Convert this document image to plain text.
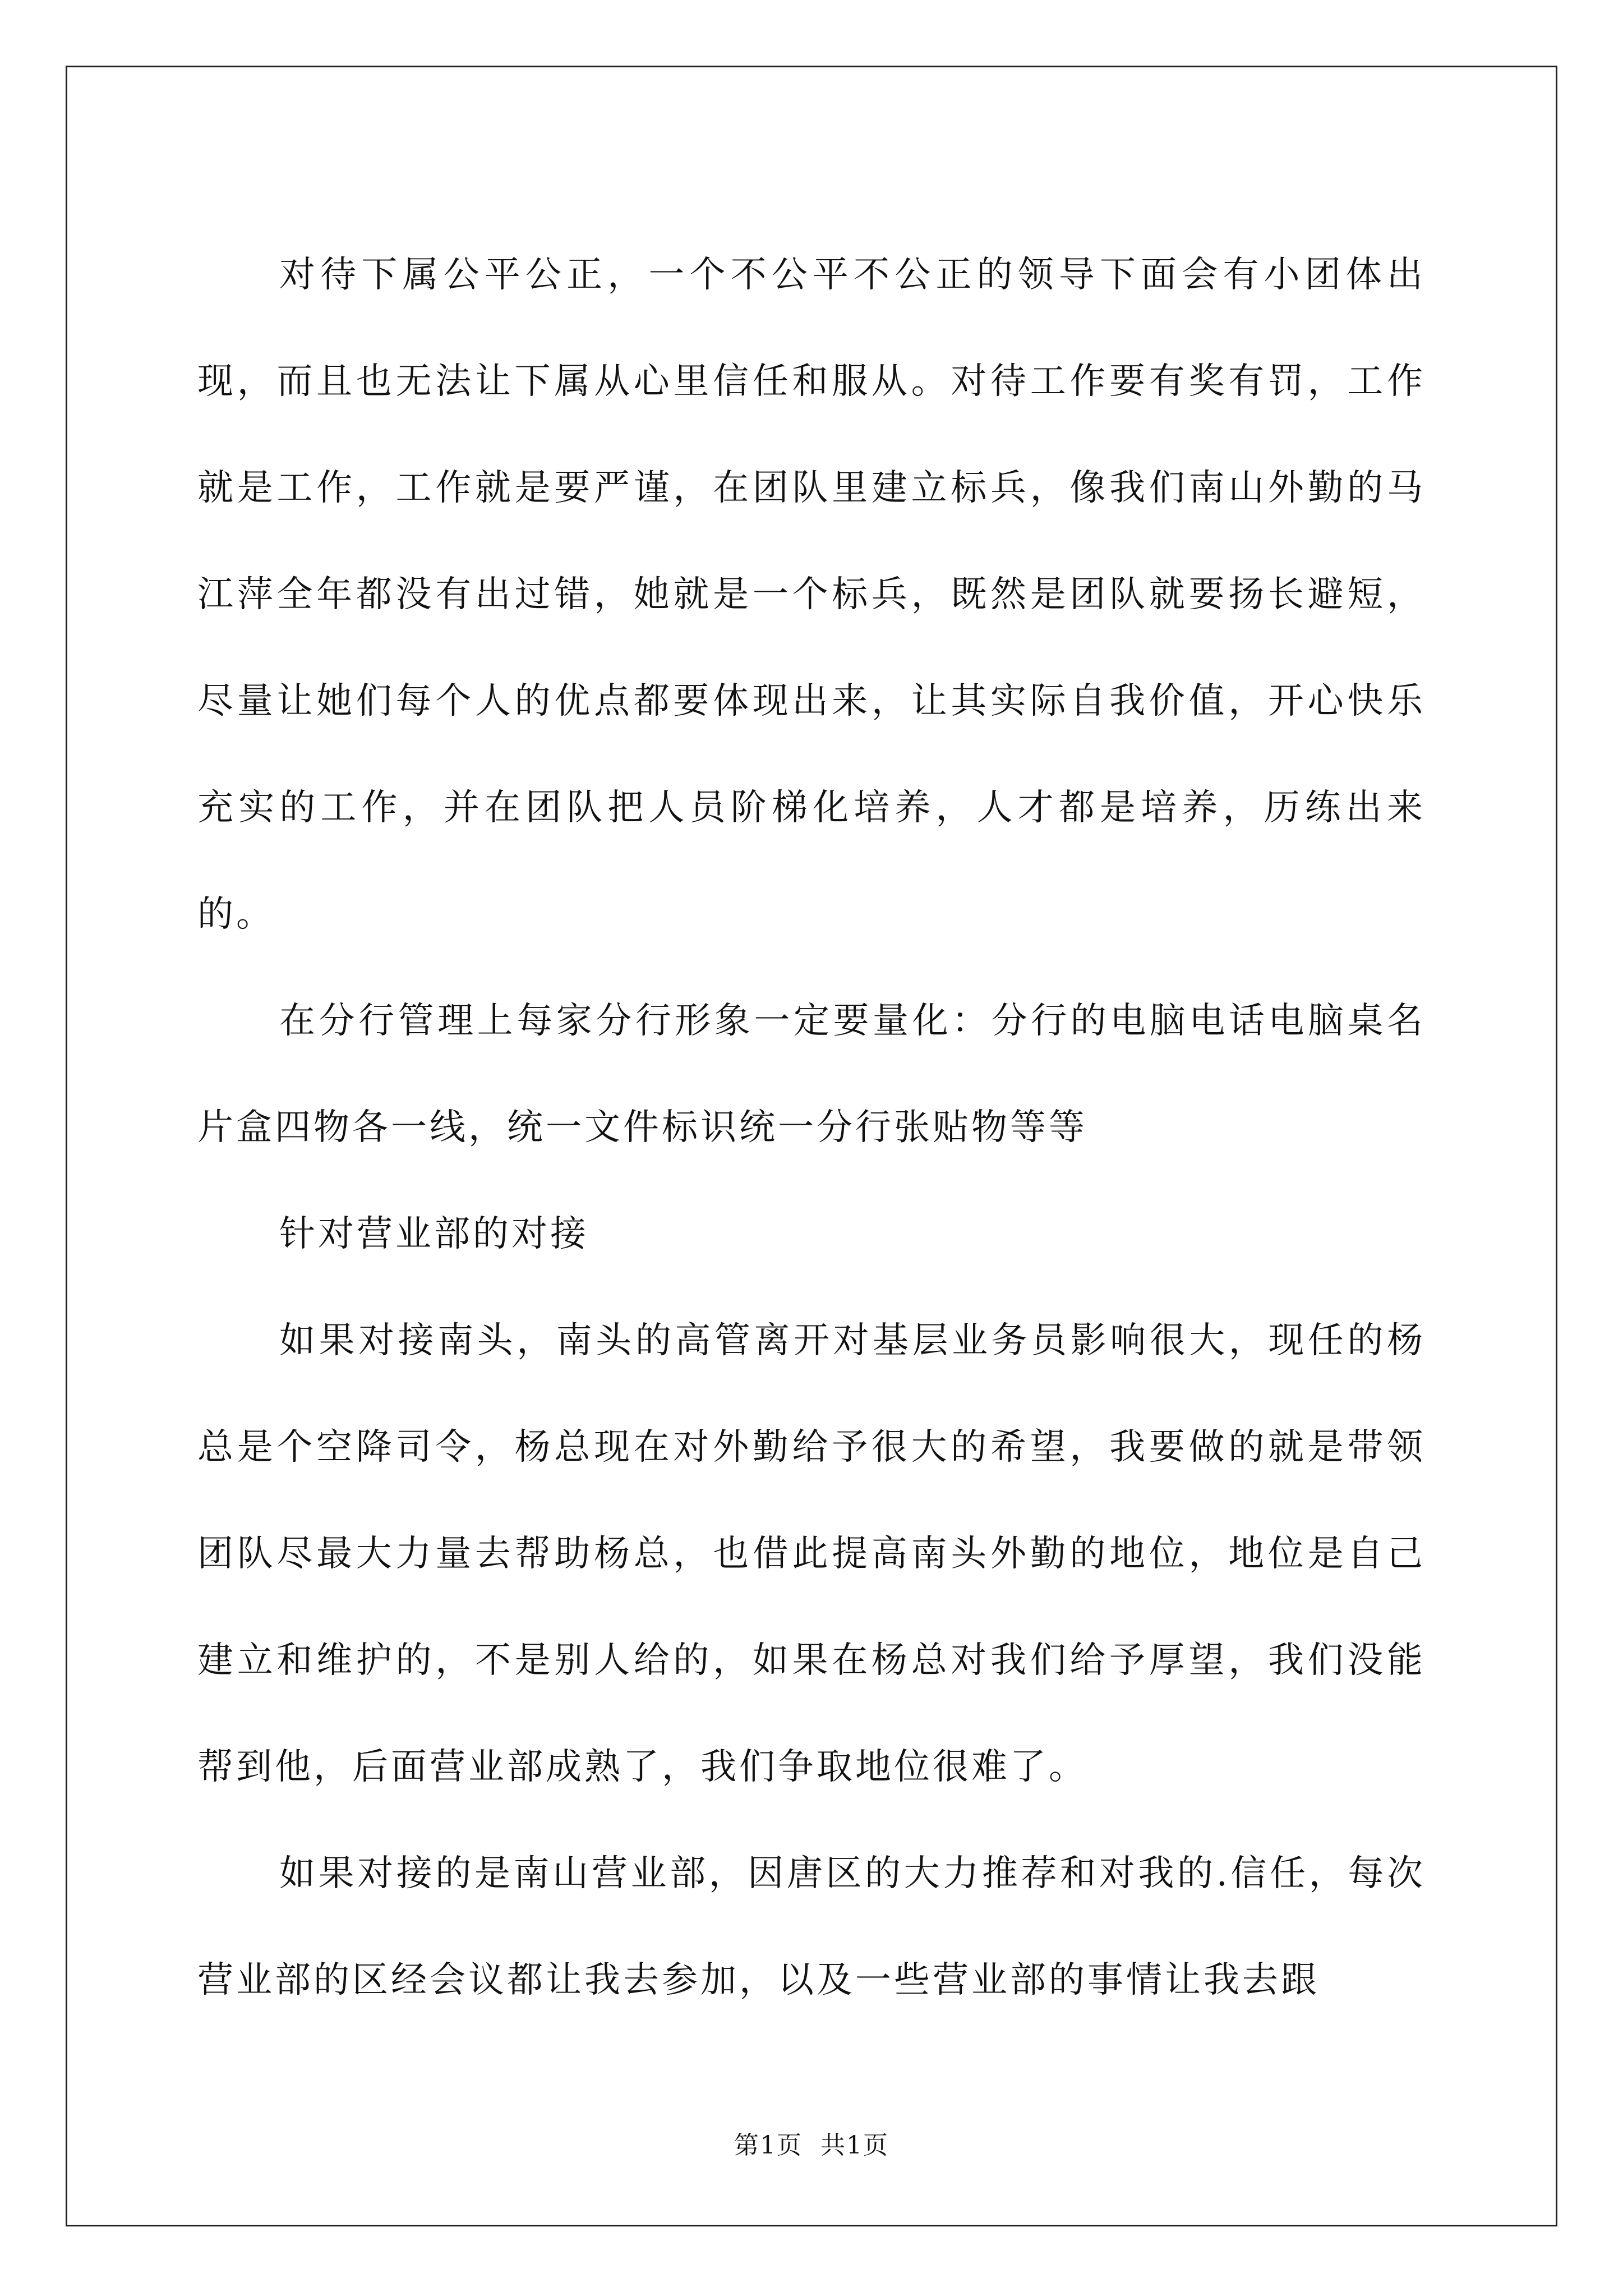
对待下属公平公正，一个不公平不公正的领导下面会有小团体出现，而且也无法让下属从心里信任和服从。对待工作要有奖有罚，工作就是工作，工作就是要严谨，在团队里建立标兵，像我们南山外勤的马江萍全年都没有出过错，她就是一个标兵，既然是团队就要扬长避短，尽量让她们每个人的优点都要体现出来，让其实际自我价值，开心快乐充实的工作，并在团队把人员阶梯化培养，人才都是培养，历练出来的。

在分行管理上每家分行形象一定要量化：分行的电脑电话电脑桌名片盒四物各一线，统一文件标识统一分行张贴物等等

针对营业部的对接

如果对接南头，南头的高管离开对基层业务员影响很大，现任的杨总是个空降司令，杨总现在对外勤给予很大的希望，我要做的就是带领团队尽最大力量去帮助杨总，也借此提高南头外勤的地位，地位是自己建立和维护的，不是别人给的，如果在杨总对我们给予厚望，我们没能帮到他，后面营业部成熟了，我们争取地位很难了。

如果对接的是南山营业部，因唐区的大力推荐和对我的.信任，每次营业部的区经会议都让我去参加，以及一些营业部的事情让我去跟

第1页 共1页
